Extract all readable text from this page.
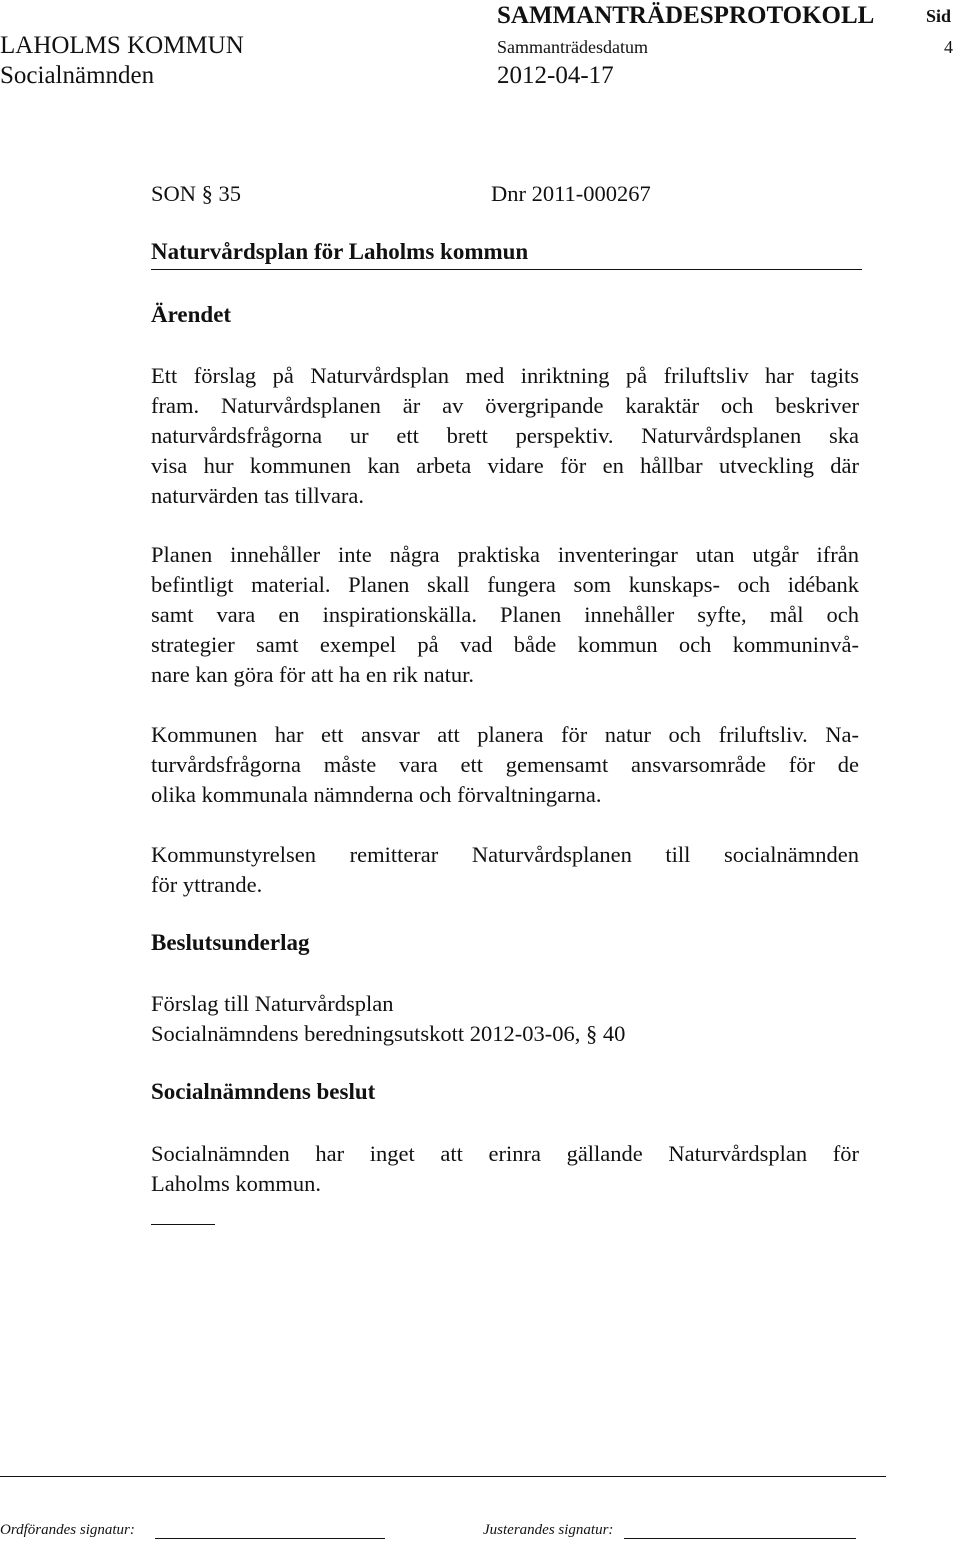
SAMMANTRÄDESPROTOKOLL	Sid
LAHOLMS KOMMUN	Sammanträdesdatum	4
Socialnämnden	2012-04-17
SON § 35	Dnr 2011-000267
Naturvårdsplan för Laholms kommun
Ärendet
Ett förslag på Naturvårdsplan med inriktning på friluftsliv har tagits
fram. Naturvårdsplanen är av övergripande karaktär och beskriver
naturvårdsfrågorna ur ett brett perspektiv. Naturvårdsplanen ska
visa hur kommunen kan arbeta vidare för en hållbar utveckling där
naturvärden tas tillvara.
Planen innehåller inte några praktiska inventeringar utan utgår ifrån
befintligt material. Planen skall fungera som kunskaps- och idébank
samt vara en inspirationskälla. Planen innehåller syfte, mål och
strategier samt exempel på vad både kommun och kommuninvå-
nare kan göra för att ha en rik natur.
Kommunen har ett ansvar att planera för natur och friluftsliv. Na-
turvårdsfrågorna måste vara ett gemensamt ansvarsområde för de
olika kommunala nämnderna och förvaltningarna.
Kommunstyrelsen remitterar Naturvårdsplanen till socialnämnden
för yttrande.
Beslutsunderlag
Förslag till Naturvårdsplan
Socialnämndens beredningsutskott 2012-03-06, § 40
Socialnämndens beslut
Socialnämnden har inget att erinra gällande Naturvårdsplan för
Laholms kommun.
Ordförandes signatur:	Justerandes signatur:
